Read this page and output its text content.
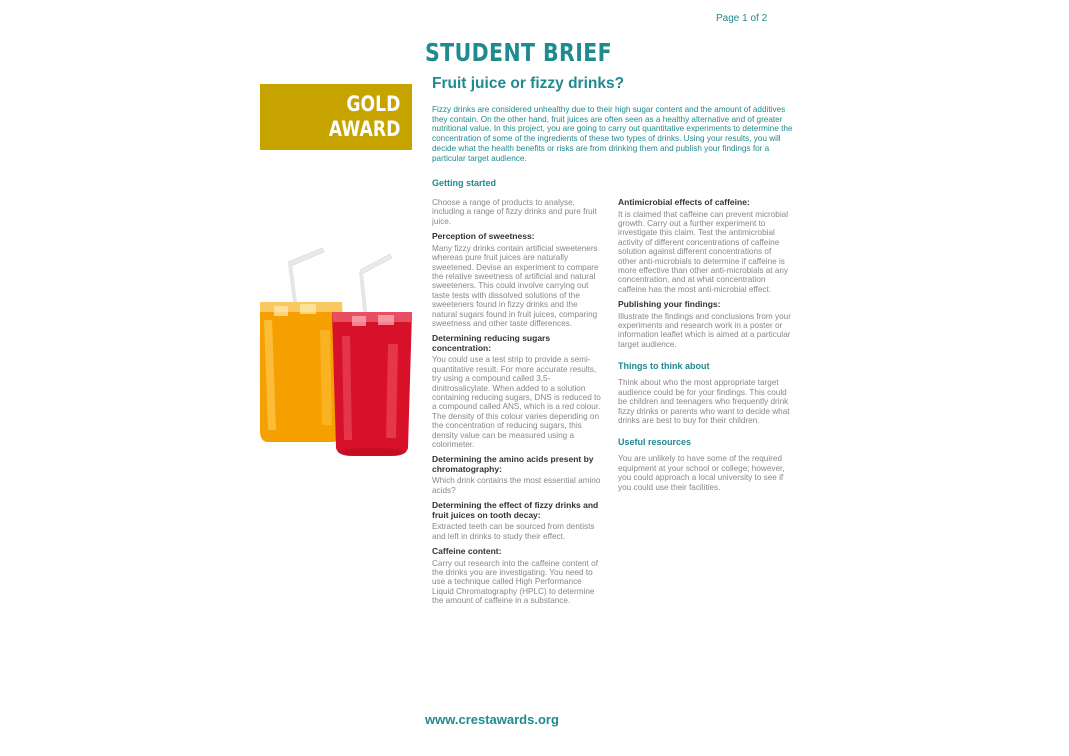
Page 1 of 2
STUDENT BRIEF
Fruit juice or fizzy drinks?
GOLD
AWARD
Fizzy drinks are considered unhealthy due to their high sugar content and the amount of additives they contain. On the other hand, fruit juices are often seen as a healthy alternative and of greater nutritional value. In this project, you are going to carry out quantitative experiments to determine the concentration of some of the ingredients of these two types of drinks. Using your results, you will decide what the health benefits or risks are from drinking them and publish your findings for a particular target audience.
Getting started
Choose a range of products to analyse, including a range of fizzy drinks and pure fruit juice.
Perception of sweetness:
Many fizzy drinks contain artificial sweeteners whereas pure fruit juices are naturally sweetened. Devise an experiment to compare the relative sweetness of artificial and natural sweeteners. This could involve carrying out taste tests with dissolved solutions of the sweeteners found in fizzy drinks and the natural sugars found in fruit juices, comparing sweetness and other taste differences.
Determining reducing sugars concentration:
You could use a test strip to provide a semi-quantitative result. For more accurate results, try using a compound called 3,5-dinitrosalicylate. When added to a solution containing reducing sugars, DNS is reduced to a compound called ANS, which is a red colour. The density of this colour varies depending on the concentration of reducing sugars, this density value can be measured using a colorimeter.
Determining the amino acids present by chromatography:
Which drink contains the most essential amino acids?
Determining the effect of fizzy drinks and fruit juices on tooth decay:
Extracted teeth can be sourced from dentists and left in drinks to study their effect.
Caffeine content:
Carry out research into the caffeine content of the drinks you are investigating. You need to use a technique called High Performance Liquid Chromatography (HPLC) to determine the amount of caffeine in a substance.
Antimicrobial effects of caffeine:
It is claimed that caffeine can prevent microbial growth. Carry out a further experiment to investigate this claim. Test the antimicrobial activity of different concentrations of caffeine solution against different concentrations of other anti-microbials to determine if caffeine is more effective than other anti-microbials at any concentration, and at what concentration caffeine has the most anti-microbial effect.
Publishing your findings:
Illustrate the findings and conclusions from your experiments and research work in a poster or information leaflet which is aimed at a particular target audience.
Things to think about
Think about who the most appropriate target audience could be for your findings. This could be children and teenagers who frequently drink fizzy drinks or parents who want to decide what drinks are best to buy for their children.
Useful resources
You are unlikely to have some of the required equipment at your school or college; however, you could approach a local university to see if you could use their facilities.
www.crestawards.org
